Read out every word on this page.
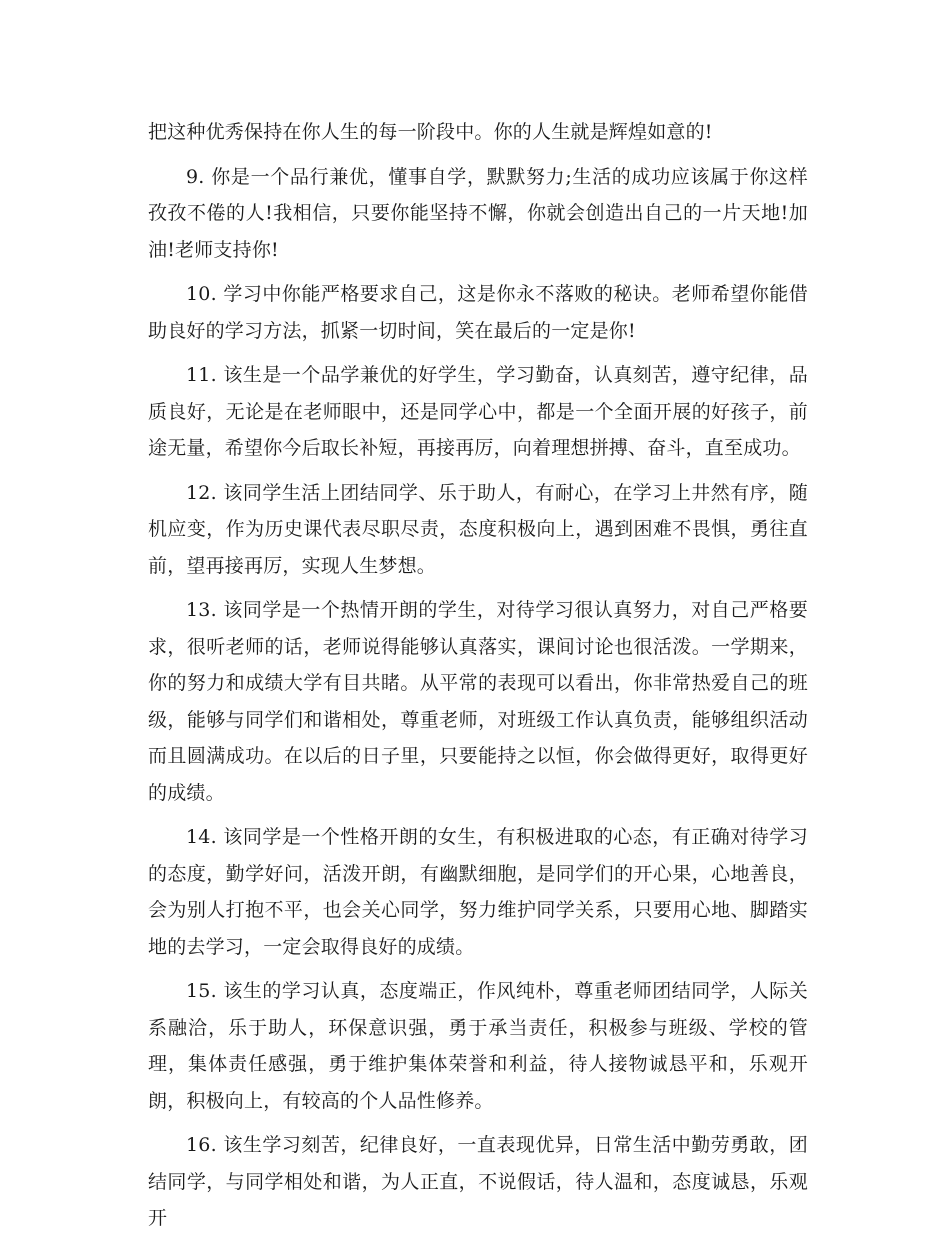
把这种优秀保持在你人生的每一阶段中。你的人生就是辉煌如意的!

9. 你是一个品行兼优，懂事自学，默默努力;生活的成功应该属于你这样孜孜不倦的人!我相信，只要你能坚持不懈，你就会创造出自己的一片天地!加油!老师支持你!

10. 学习中你能严格要求自己，这是你永不落败的秘诀。老师希望你能借助良好的学习方法，抓紧一切时间，笑在最后的一定是你!

11. 该生是一个品学兼优的好学生，学习勤奋，认真刻苦，遵守纪律，品质良好，无论是在老师眼中，还是同学心中，都是一个全面开展的好孩子，前途无量，希望你今后取长补短，再接再厉，向着理想拼搏、奋斗，直至成功。

12. 该同学生活上团结同学、乐于助人，有耐心，在学习上井然有序，随机应变，作为历史课代表尽职尽责，态度积极向上，遇到困难不畏惧，勇往直前，望再接再厉，实现人生梦想。

13. 该同学是一个热情开朗的学生，对待学习很认真努力，对自己严格要求，很听老师的话，老师说得能够认真落实，课间讨论也很活泼。一学期来，你的努力和成绩大学有目共睹。从平常的表现可以看出，你非常热爱自己的班级，能够与同学们和谐相处，尊重老师，对班级工作认真负责，能够组织活动而且圆满成功。在以后的日子里，只要能持之以恒，你会做得更好，取得更好的成绩。

14. 该同学是一个性格开朗的女生，有积极进取的心态，有正确对待学习的态度，勤学好问，活泼开朗，有幽默细胞，是同学们的开心果，心地善良，会为别人打抱不平，也会关心同学，努力维护同学关系，只要用心地、脚踏实地的去学习，一定会取得良好的成绩。

15. 该生的学习认真，态度端正，作风纯朴，尊重老师团结同学，人际关系融洽，乐于助人，环保意识强，勇于承当责任，积极参与班级、学校的管理，集体责任感强，勇于维护集体荣誉和利益，待人接物诚恳平和，乐观开朗，积极向上，有较高的个人品性修养。

16. 该生学习刻苦，纪律良好，一直表现优异，日常生活中勤劳勇敢，团结同学，与同学相处和谐，为人正直，不说假话，待人温和，态度诚恳，乐观开
